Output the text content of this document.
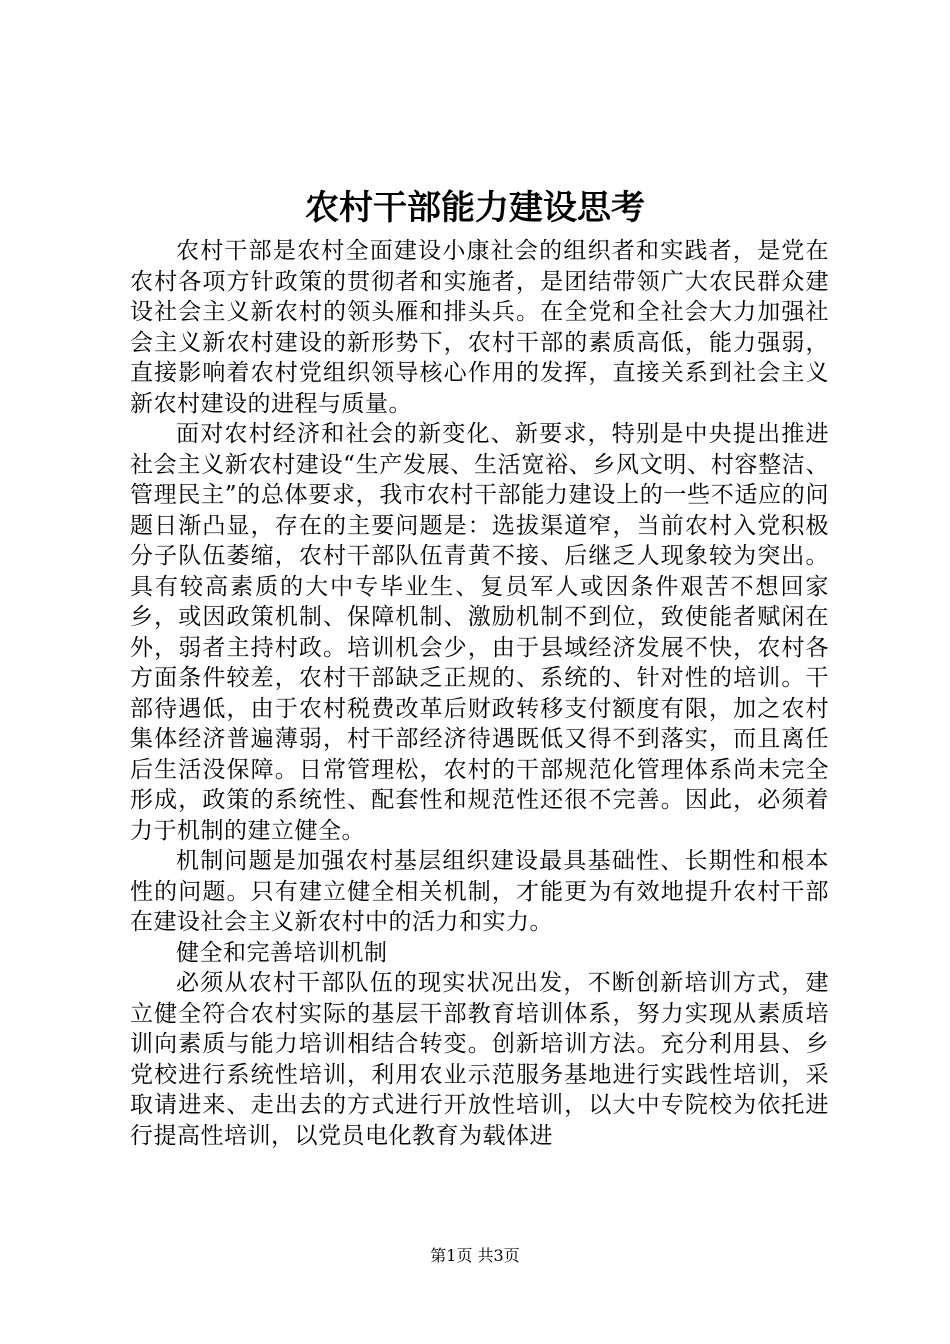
农村干部能力建设思考

农村干部是农村全面建设小康社会的组织者和实践者，是党在农村各项方针政策的贯彻者和实施者，是团结带领广大农民群众建设社会主义新农村的领头雁和排头兵。在全党和全社会大力加强社会主义新农村建设的新形势下，农村干部的素质高低，能力强弱，直接影响着农村党组织领导核心作用的发挥，直接关系到社会主义新农村建设的进程与质量。

面对农村经济和社会的新变化、新要求，特别是中央提出推进社会主义新农村建设“生产发展、生活宽裕、乡风文明、村容整洁、管理民主”的总体要求，我市农村干部能力建设上的一些不适应的问题日渐凸显，存在的主要问题是：选拔渠道窄，当前农村入党积极分子队伍萎缩，农村干部队伍青黄不接、后继乏人现象较为突出。具有较高素质的大中专毕业生、复员军人或因条件艰苦不想回家乡，或因政策机制、保障机制、激励机制不到位，致使能者赋闲在外，弱者主持村政。培训机会少，由于县域经济发展不快，农村各方面条件较差，农村干部缺乏正规的、系统的、针对性的培训。干部待遇低，由于农村税费改革后财政转移支付额度有限，加之农村集体经济普遍薄弱，村干部经济待遇既低又得不到落实，而且离任后生活没保障。日常管理松，农村的干部规范化管理体系尚未完全形成，政策的系统性、配套性和规范性还很不完善。因此，必须着力于机制的建立健全。

机制问题是加强农村基层组织建设最具基础性、长期性和根本性的问题。只有建立健全相关机制，才能更为有效地提升农村干部在建设社会主义新农村中的活力和实力。

健全和完善培训机制

必须从农村干部队伍的现实状况出发，不断创新培训方式，建立健全符合农村实际的基层干部教育培训体系，努力实现从素质培训向素质与能力培训相结合转变。创新培训方法。充分利用县、乡党校进行系统性培训，利用农业示范服务基地进行实践性培训，采取请进来、走出去的方式进行开放性培训，以大中专院校为依托进行提高性培训，以党员电化教育为载体进

第1页 共3页
